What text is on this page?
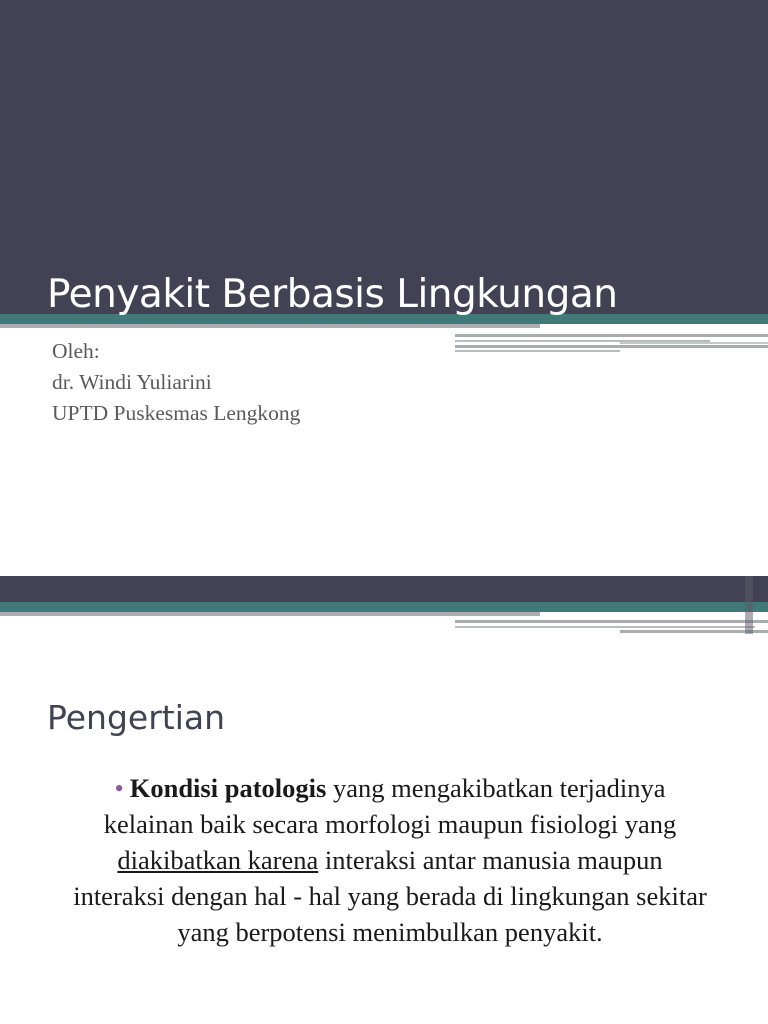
Penyakit Berbasis Lingkungan
Oleh:
dr. Windi Yuliarini
UPTD Puskesmas Lengkong
Pengertian
• Kondisi patologis yang mengakibatkan terjadinya kelainan baik secara morfologi maupun fisiologi yang diakibatkan karena interaksi antar manusia maupun interaksi dengan hal - hal yang berada di lingkungan sekitar yang berpotensi menimbulkan penyakit.
